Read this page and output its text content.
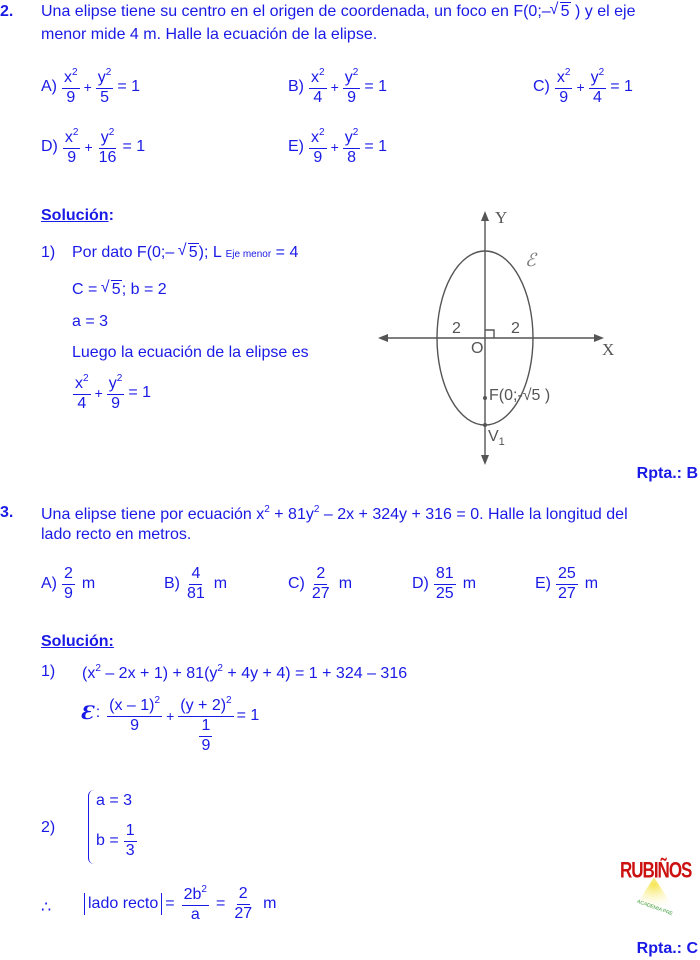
2. Una elipse tiene su centro en el origen de coordenada, un foco en F(0;– √ 5 ) y el eje
menor mide 4 m. Halle la ecuación de la elipse.
$A) \frac{x^2}{9} + \frac{y^2}{5} = 1$	$B) \frac{x^2}{4} + \frac{y^2}{9} = 1$	$C) \frac{x^2}{9} + \frac{y^2}{4} = 1$
$D) \frac{x^2}{9} + \frac{y^2}{16} = 1$	$E) \frac{x^2}{9} + \frac{y^2}{8} = 1$
Solución:
1) Por dato F(0;– √ 5); L Eje menor = 4
C = √ 5; b = 2
a = 3
Luego la ecuación de la elipse es
$\frac{x^2}{4} + \frac{y^2}{9} = 1$
Y
X
O
2	2
ℰ
F(0;-√5 )
$V_1$
Rpta.: B
3. Una elipse tiene por ecuación $x^2 + 81y^2 - 2x + 324y + 316 = 0$. Halle la longitud del
lado recto en metros.
$A) \frac{2}{9}$ m	$B) \frac{4}{81}$ m	$C) \frac{2}{27}$ m	$D) \frac{81}{25}$ m	$E) \frac{25}{27}$ m
Solución:
1) $(x^2 - 2x + 1) + 81(y^2 + 4y + 4) = 1 + 324 - 316$
Ɛ : $\frac{(x - 1)^2}{9} + \frac{(y + 2)^2}{\frac{1}{9}} = 1$
2)
a = 3
$b = \frac{1}{3}$
∴ lado recto = $\frac{2b^2}{a} = \frac{2}{27}$ m
RUBIÑOS
ACADEMIA PRE
Rpta.: C
